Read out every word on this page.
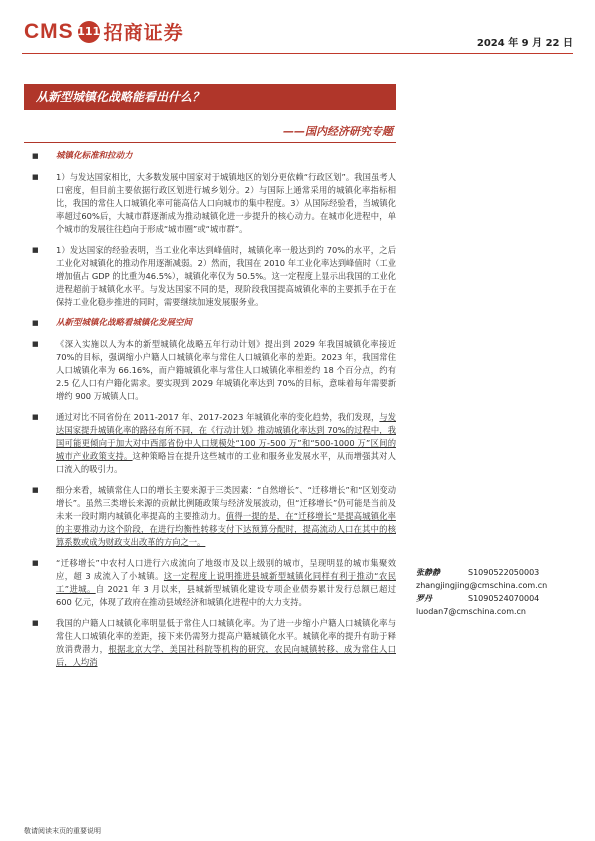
CMS 111 招商证券	2024 年 9 月 22 日
从新型城镇化战略能看出什么？
——国内经济研究专题
■	城镇化标准和拉动力
■	1）与发达国家相比，大多数发展中国家对于城镇地区的划分更依赖“行政区划”。我国虽考人口密度，但目前主要依据行政区划进行城乡划分。2）与国际上通常采用的城镇化率指标相比，我国的常住人口城镇化率可能高估人口向城市的集中程度。3）从国际经验看，当城镇化率超过60%后，大城市群逐渐成为推动城镇化进一步提升的核心动力。在城市化进程中，单个城市的发展往往趋向于形成“城市圈”或“城市群”。
■	1）发达国家的经验表明，当工业化率达到峰值时，城镇化率一般达到约 70%的水平，之后工业化对城镇化的推动作用逐渐减弱。2）然而，我国在 2010 年工业化率达到峰值时（工业增加值占 GDP 的比重为46.5%），城镇化率仅为 50.5%。这一定程度上显示出我国的工业化进程超前于城镇化水平。与发达国家不同的是，现阶段我国提高城镇化率的主要抓手在于在保持工业化稳步推进的同时，需要继续加速发展服务业。
■	从新型城镇化战略看城镇化发展空间
■	《深入实施以人为本的新型城镇化战略五年行动计划》提出到 2029 年我国城镇化率接近 70%的目标，强调缩小户籍人口城镇化率与常住人口城镇化率的差距。2023 年，我国常住人口城镇化率为 66.16%，而户籍城镇化率与常住人口城镇化率相差约 18 个百分点，约有 2.5 亿人口有户籍化需求。要实现到 2029 年城镇化率达到 70%的目标，意味着每年需要新增约 900 万城镇人口。
■	通过对比不同省份在 2011-2017 年、2017-2023 年城镇化率的变化趋势，我们发现，与发达国家提升城镇化率的路径有所不同，在《行动计划》推动城镇化率达到 70%的过程中，我国可能更倾向于加大对中西部省份中人口规模处“100 万-500 万”和“500-1000 万”区间的城市产业政策支持。这种策略旨在提升这些城市的工业和服务业发展水平，从而增强其对人口流入的吸引力。
■	细分来看，城镇常住人口的增长主要来源于三类因素：“自然增长”、“迁移增长”和“区划变动增长”。虽然三类增长来源的贡献比例随政策与经济发展波动，但“迁移增长”仍可能是当前及未来一段时期内城镇化率提高的主要推动力。值得一提的是，在“迁移增长”是提高城镇化率的主要推动力这个阶段，在进行均衡性转移支付下达预算分配时，提高流动人口在其中的核算系数或成为财政支出改革的方向之一。
■	“迁移增长”中农村人口进行六成流向了地级市及以上级别的城市，呈现明显的城市集聚效应，超 3 成流入了小城镇。这一定程度上说明推进县城新型城镇化同样有利于推动“农民工”进城。自 2021 年 3 月以来，县城新型城镇化建设专项企业债券累计发行总额已超过 600 亿元，体现了政府在推动县域经济和城镇化进程中的大力支持。
■	我国的户籍人口城镇化率明显低于常住人口城镇化率。为了进一步缩小户籍人口城镇化率与常住人口城镇化率的差距，接下来仍需努力提高户籍城镇化水平。城镇化率的提升有助于释放消费潜力，根据北京大学、美国社科院等机构的研究，农民向城镇转移、成为常住人口后，人均消
张静静	S1090522050003
zhangjingjing@cmschina.com.cn
罗丹	S1090524070004
luodan7@cmschina.com.cn
敬请阅读末页的重要说明
